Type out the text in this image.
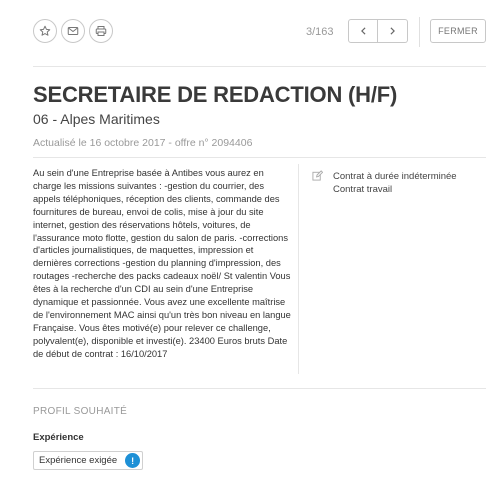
3/163	FERMER
SECRETAIRE DE REDACTION (H/F)
06 - Alpes Maritimes
Actualisé le 16 octobre 2017 - offre n° 2094406
Au sein d'une Entreprise basée à Antibes vous aurez en charge les missions suivantes : -gestion du courrier, des appels téléphoniques, réception des clients, commande des fournitures de bureau, envoi de colis, mise à jour du site internet, gestion des réservations hôtels, voitures, de l'assurance moto flotte, gestion du salon de paris. -corrections d'articles journalistiques, de maquettes, impression et dernières corrections -gestion du planning d'impression, des routages -recherche des packs cadeaux noël/ St valentin Vous êtes à la recherche d'un CDI au sein d'une Entreprise dynamique et passionnée. Vous avez une excellente maîtrise de l'environnement MAC ainsi qu'un très bon niveau en langue Française. Vous êtes motivé(e) pour relever ce challenge, polyvalent(e), disponible et investi(e). 23400 Euros bruts Date de début de contrat : 16/10/2017
Contrat à durée indéterminée
Contrat travail
PROFIL SOUHAITÉ
Expérience
Expérience exigée	!
